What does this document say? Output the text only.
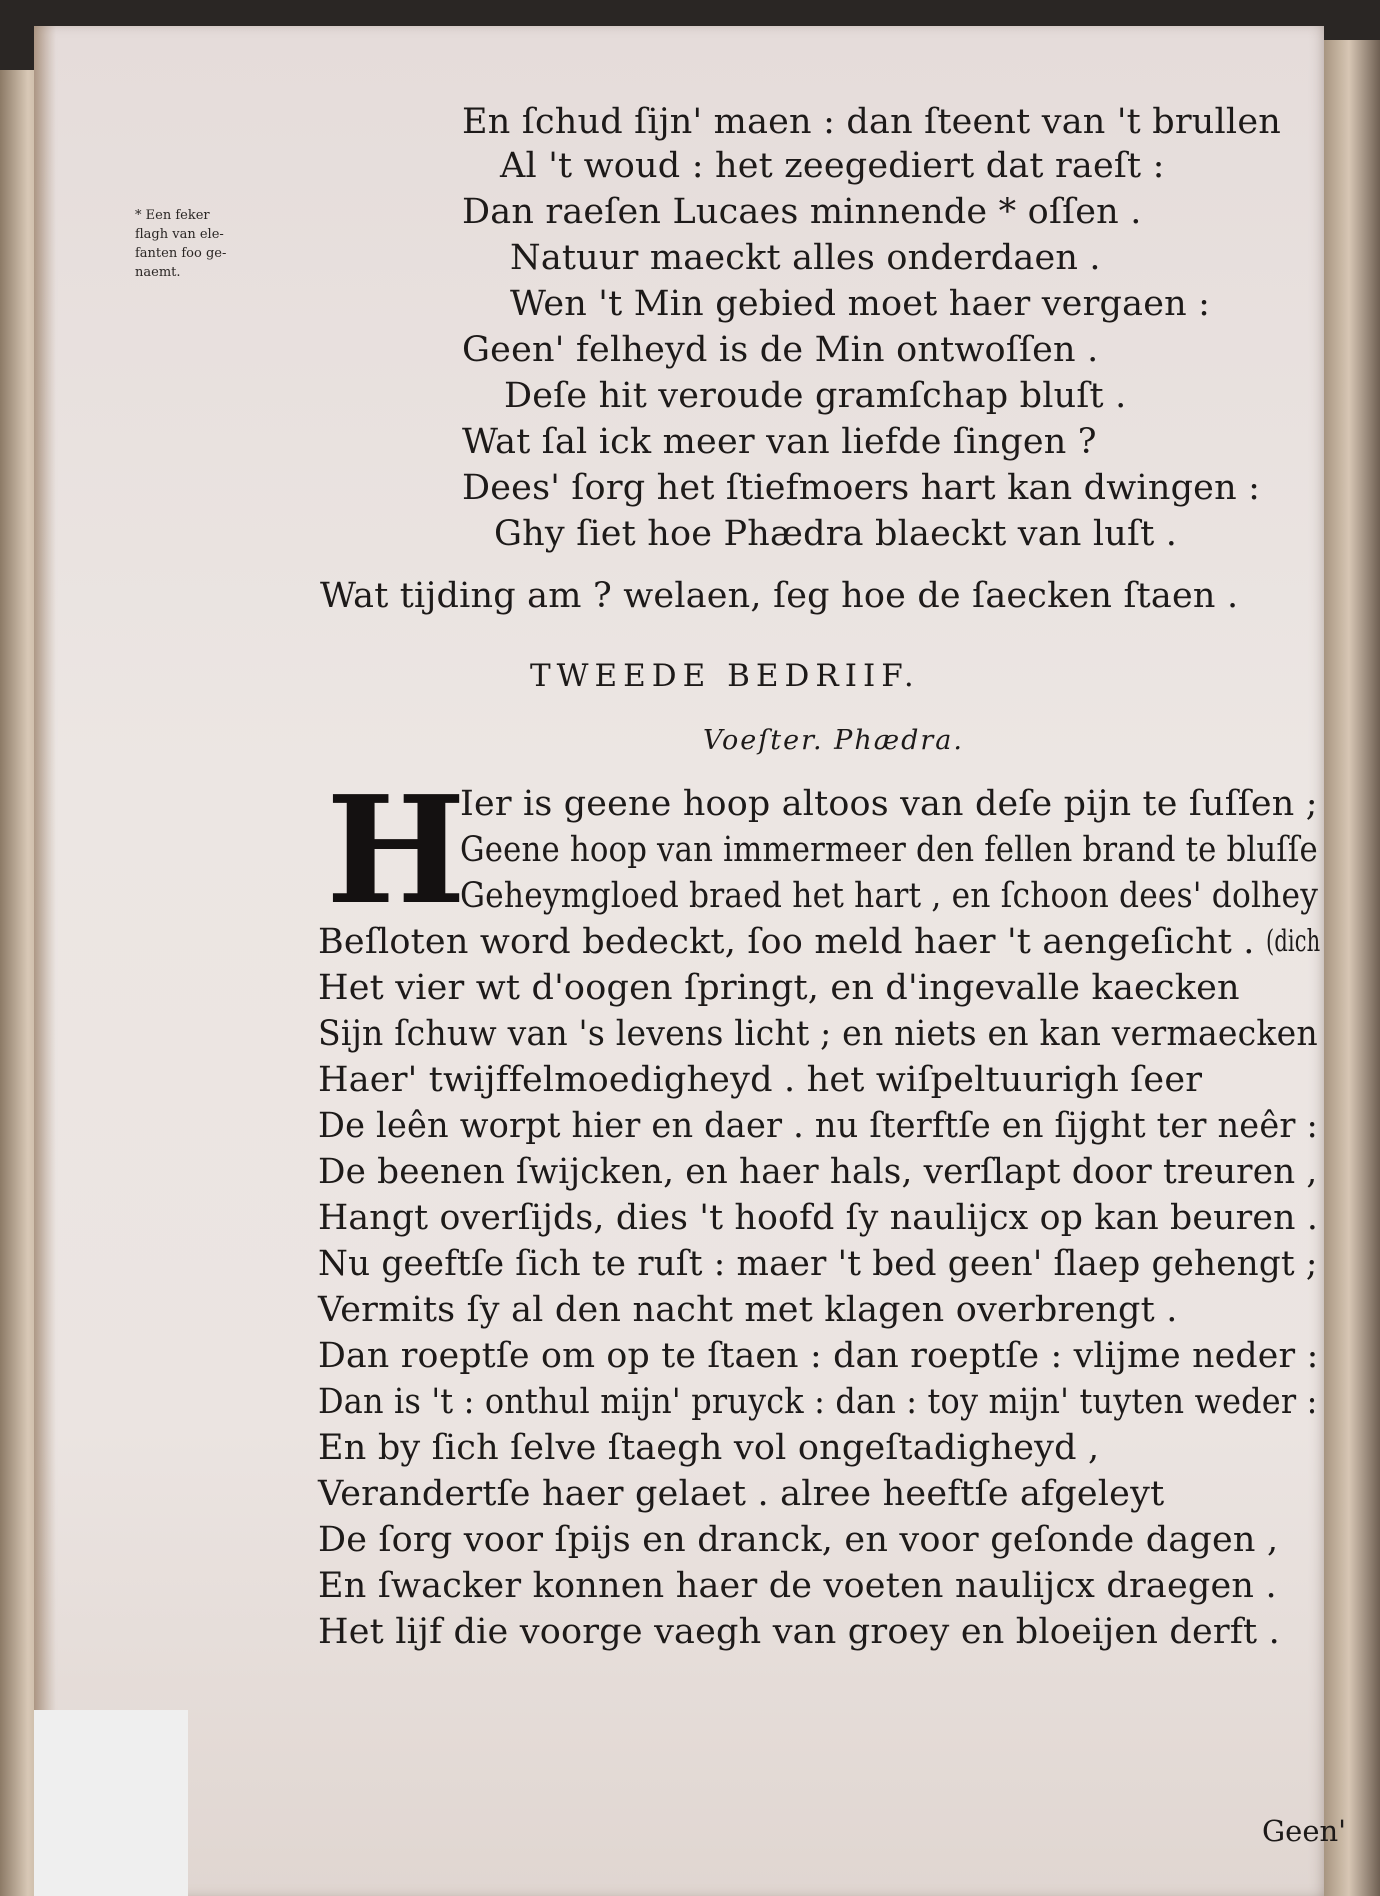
* Een feker
flagh van ele-
fanten foo ge-
naemt.
En ſchud ſijn' maen : dan ſteent van 't brullen
Al 't woud : het zeegediert dat raeſt :
Dan raeſen Lucaes minnende * oſſen .
Natuur maeckt alles onderdaen .
Wen 't Min gebied moet haer vergaen :
Geen' felheyd is de Min ontwoſſen .
Deſe hit veroude gramſchap bluſt .
Wat ſal ick meer van liefde ſingen ?
Dees' ſorg het ſtiefmoers hart kan dwingen :
Ghy ſiet hoe Phædra blaeckt van luſt .
Wat tijding am ? welaen, ſeg hoe de ſaecken ſtaen .
TWEEDE BEDRIIF.
Voeſter. Phædra.
H
Ier is geene hoop altoos van deſe pijn te ſuſſen ;
Geene hoop van immermeer den fellen brand te bluſſe
Geheymgloed braed het hart , en ſchoon dees' dolhey
Beſloten word bedeckt, ſoo meld haer 't aengeſicht . (dich
Het vier wt d'oogen ſpringt, en d'ingevalle kaecken
Sijn ſchuw van 's levens licht ; en niets en kan vermaecken
Haer' twijffelmoedigheyd . het wiſpeltuurigh ſeer
De leên worpt hier en daer . nu ſterftſe en ſijght ter neêr :
De beenen ſwijcken, en haer hals, verſlapt door treuren ,
Hangt overſijds, dies 't hoofd ſy naulijcx op kan beuren .
Nu geeftſe ſich te ruſt : maer 't bed geen' ſlaep gehengt ;
Vermits ſy al den nacht met klagen overbrengt .
Dan roeptſe om op te ſtaen : dan roeptſe : vlijme neder :
Dan is 't : onthul mijn' pruyck : dan : toy mijn' tuyten weder :
En by ſich ſelve ſtaegh vol ongeſtadigheyd ,
Verandertſe haer gelaet . alree heeftſe afgeleyt
De ſorg voor ſpijs en dranck, en voor geſonde dagen ,
En ſwacker konnen haer de voeten naulijcx draegen .
Het lijf die voorge vaegh van groey en bloeijen derft .
Geen'
